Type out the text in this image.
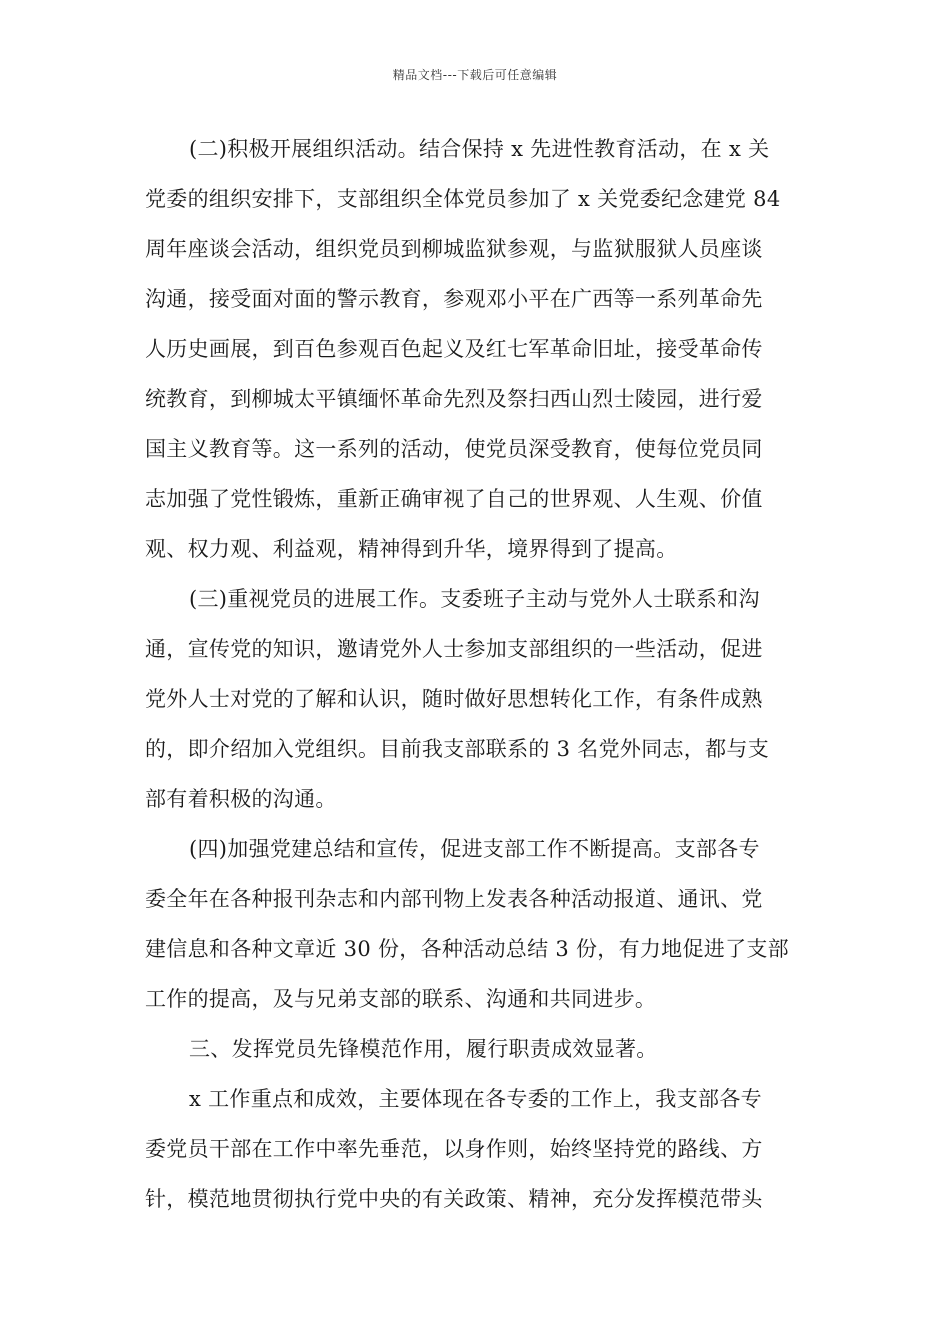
精品文档---下载后可任意编辑
(二)积极开展组织活动。结合保持 x 先进性教育活动，在 x 关
党委的组织安排下，支部组织全体党员参加了 x 关党委纪念建党 84
周年座谈会活动，组织党员到柳城监狱参观，与监狱服狱人员座谈
沟通，接受面对面的警示教育，参观邓小平在广西等一系列革命先
人历史画展，到百色参观百色起义及红七军革命旧址，接受革命传
统教育，到柳城太平镇缅怀革命先烈及祭扫西山烈士陵园，进行爱
国主义教育等。这一系列的活动，使党员深受教育，使每位党员同
志加强了党性锻炼，重新正确审视了自己的世界观、人生观、价值
观、权力观、利益观，精神得到升华，境界得到了提高。
(三)重视党员的进展工作。支委班子主动与党外人士联系和沟
通，宣传党的知识，邀请党外人士参加支部组织的一些活动，促进
党外人士对党的了解和认识，随时做好思想转化工作，有条件成熟
的，即介绍加入党组织。目前我支部联系的 3 名党外同志，都与支
部有着积极的沟通。
(四)加强党建总结和宣传，促进支部工作不断提高。支部各专
委全年在各种报刊杂志和内部刊物上发表各种活动报道、通讯、党
建信息和各种文章近 30 份，各种活动总结 3 份，有力地促进了支部
工作的提高，及与兄弟支部的联系、沟通和共同进步。
三、发挥党员先锋模范作用，履行职责成效显著。
x 工作重点和成效，主要体现在各专委的工作上，我支部各专
委党员干部在工作中率先垂范，以身作则，始终坚持党的路线、方
针，模范地贯彻执行党中央的有关政策、精神，充分发挥模范带头
